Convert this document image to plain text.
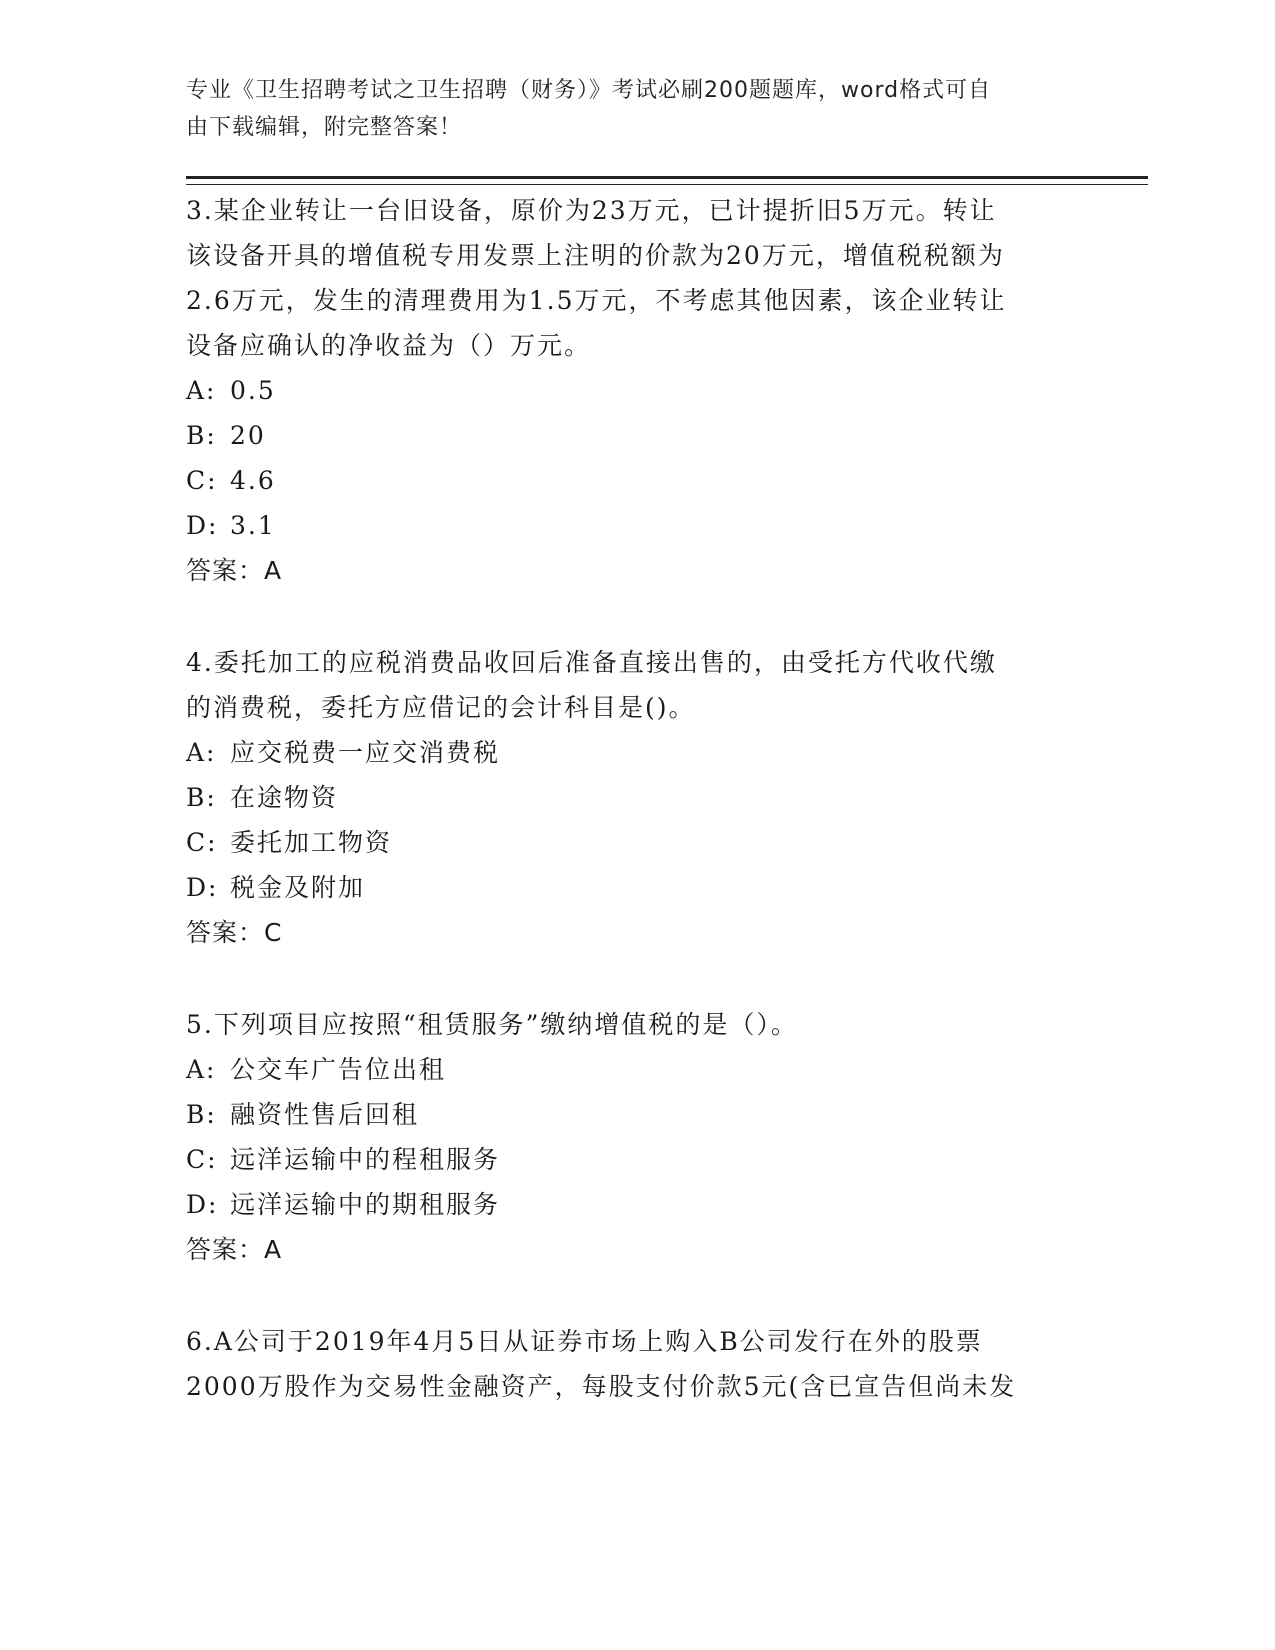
专业《卫生招聘考试之卫生招聘（财务）》考试必刷200题题库，word格式可自
由下载编辑，附完整答案！

3.某企业转让一台旧设备，原价为23万元，已计提折旧5万元。转让

该设备开具的增值税专用发票上注明的价款为20万元，增值税税额为

2.6万元，发生的清理费用为1.5万元，不考虑其他因素，该企业转让

设备应确认的净收益为（）万元。

A: 0.5

B: 20

C: 4.6

D: 3.1

答案：A

4.委托加工的应税消费品收回后准备直接出售的，由受托方代收代缴

的消费税，委托方应借记的会计科目是()。

A: 应交税费一应交消费税

B: 在途物资

C: 委托加工物资

D: 税金及附加

答案：C

5.下列项目应按照“租赁服务”缴纳增值税的是（）。

A: 公交车广告位出租

B: 融资性售后回租

C: 远洋运输中的程租服务

D: 远洋运输中的期租服务

答案：A

6.A公司于2019年4月5日从证券市场上购入B公司发行在外的股票

2000万股作为交易性金融资产，每股支付价款5元(含已宣告但尚未发
